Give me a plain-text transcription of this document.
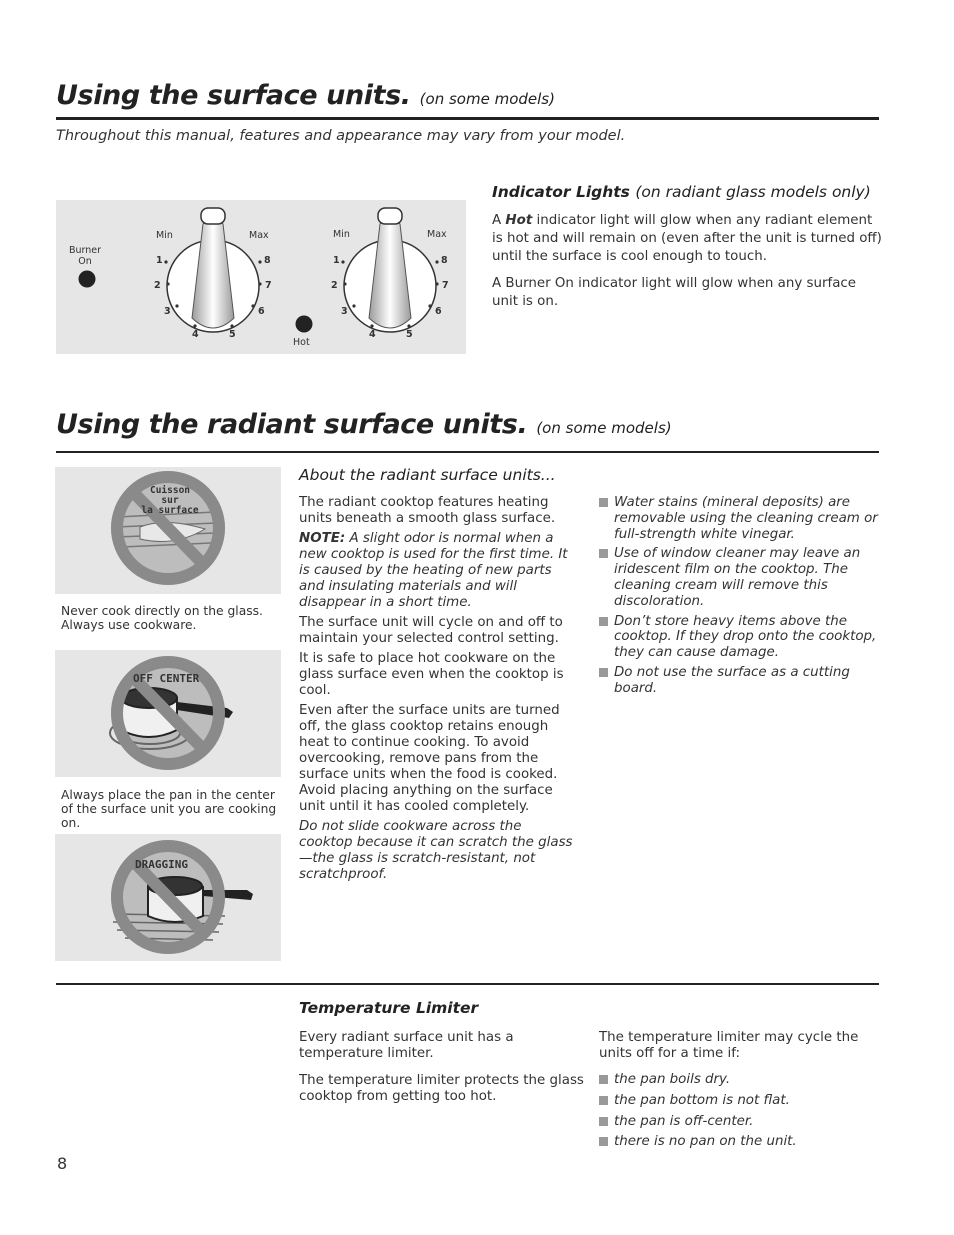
Using the surface units. (on some models)
Throughout this manual, features and appearance may vary from your model.
Burner
On
Hot
Min	Max	Min	Max
1
2
3
4	5
6
7
8	1
2
3
4	5
6
7
8
Indicator Lights (on radiant glass models only)

A Hot indicator light will glow when any radiant element is hot and will remain on (even after the unit is turned off) until the surface is cool enough to touch.

A Burner On indicator light will glow when any surface unit is on.

Using the radiant surface units. (on some models)
Cuisson sur
la surface
Never cook directly on the glass. Always use cookware.
OFF CENTER
Always place the pan in the center of the surface unit you are cooking on.
DRAGGING
About the radiant surface units...

The radiant cooktop features heating units beneath a smooth glass surface.

NOTE: A slight odor is normal when a new cooktop is used for the first time. It is caused by the heating of new parts and insulating materials and will disappear in a short time.

The surface unit will cycle on and off to maintain your selected control setting.

It is safe to place hot cookware on the glass surface even when the cooktop is cool.

Even after the surface units are turned off, the glass cooktop retains enough heat to continue cooking. To avoid overcooking, remove pans from the surface units when the food is cooked. Avoid placing anything on the surface unit until it has cooled completely.

Do not slide cookware across the cooktop because it can scratch the glass—the glass is scratch-resistant, not scratchproof.

Water stains (mineral deposits) are removable using the cleaning cream or full-strength white vinegar.
Use of window cleaner may leave an iridescent film on the cooktop. The cleaning cream will remove this discoloration.
Don’t store heavy items above the cooktop. If they drop onto the cooktop, they can cause damage.
Do not use the surface as a cutting board.
Temperature Limiter

Every radiant surface unit has a temperature limiter.

The temperature limiter protects the glass cooktop from getting too hot.

The temperature limiter may cycle the units off for a time if:

the pan boils dry.
the pan bottom is not flat.
the pan is off-center.
there is no pan on the unit.
8
